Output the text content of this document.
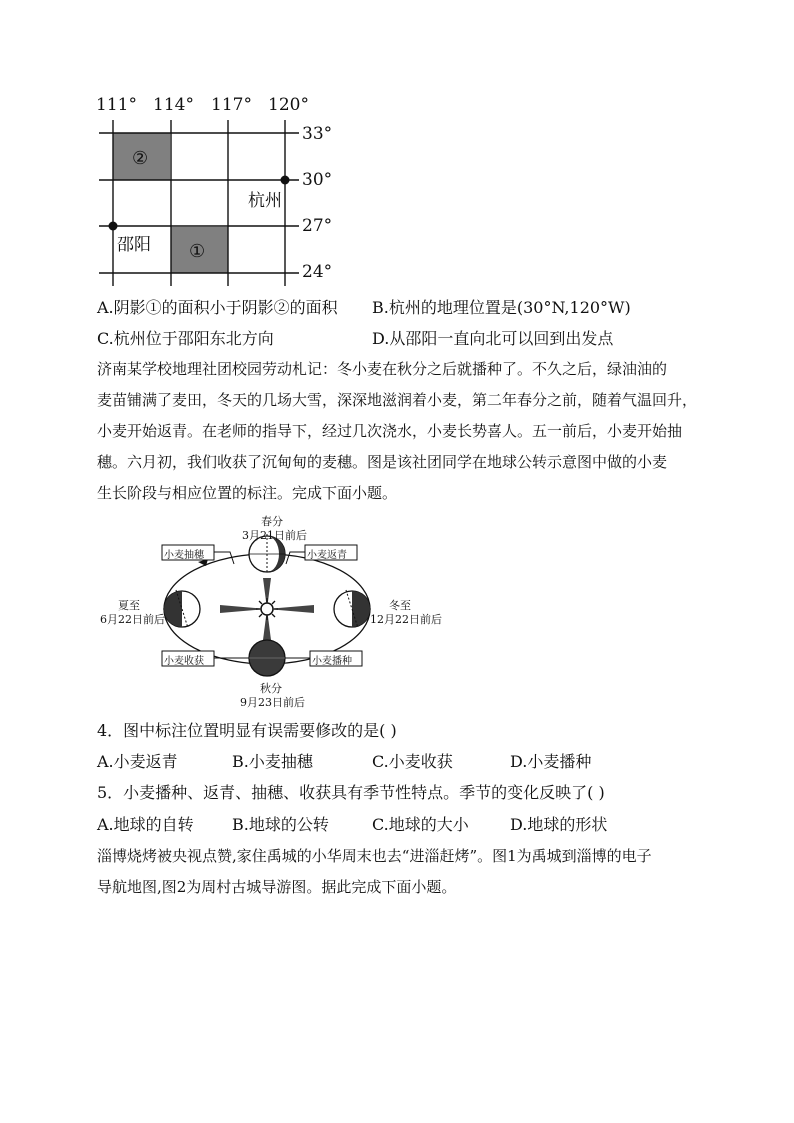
111° 114° 117° 120°
②
①
杭州
邵阳
33°
30°
27°
24°
A.阴影①的面积小于阴影②的面积 B.杭州的地理位置是(30°N,120°W)
C.杭州位于邵阳东北方向	D.从邵阳一直向北可以回到出发点
济南某学校地理社团校园劳动札记：冬小麦在秋分之后就播种了。不久之后，绿油油的
麦苗铺满了麦田，冬天的几场大雪，深深地滋润着小麦，第二年春分之前，随着气温回升，
小麦开始返青。在老师的指导下，经过几次浇水，小麦长势喜人。五一前后，小麦开始抽
穗。六月初，我们收获了沉甸甸的麦穗。图是该社团同学在地球公转示意图中做的小麦
生长阶段与相应位置的标注。完成下面小题。
春分
3月21日前后
夏至
6月22日前后
冬至
12月22日前后
秋分
9月23日前后
小麦抽穗	小麦返青
小麦收获	小麦播种
4．图中标注位置明显有误需要修改的是( )
A.小麦返青	B.小麦抽穗	C.小麦收获	D.小麦播种
5．小麦播种、返青、抽穗、收获具有季节性特点。季节的变化反映了( )
A.地球的自转 B.地球的公转	C.地球的大小	D.地球的形状
淄博烧烤被央视点赞,家住禹城的小华周末也去“进淄赶烤”。图1为禹城到淄博的电子
导航地图,图2为周村古城导游图。据此完成下面小题。
